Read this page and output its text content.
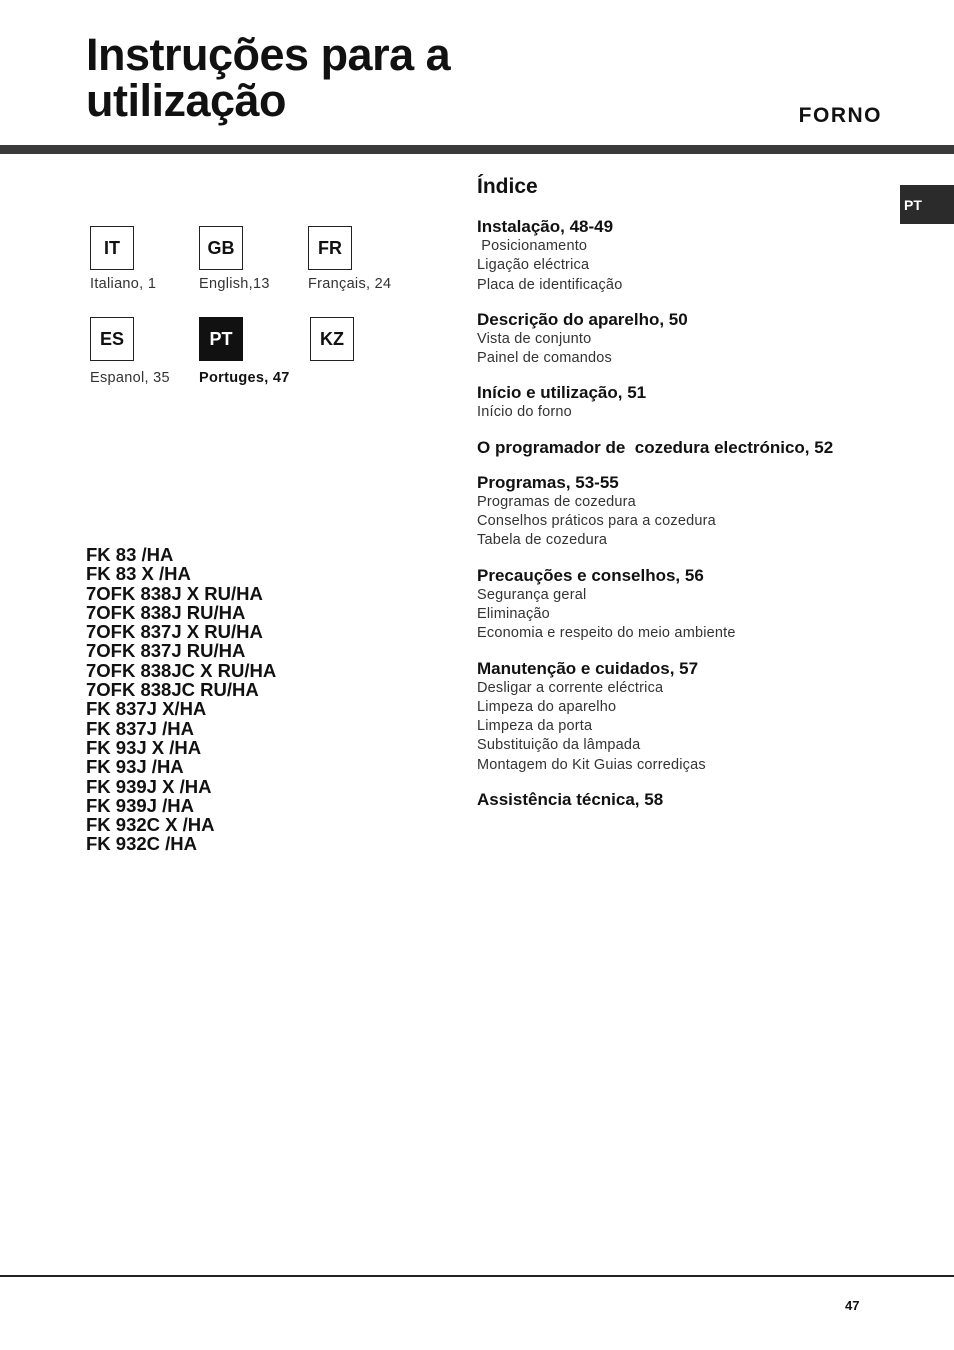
Instruções para a
utilização	FORNO
PT
IT
Italiano, 1
GB
English,13
FR
Français, 24
ES
Espanol, 35
PT
Portuges, 47
KZ
FK 83 /HA
FK 83 X /HA
7OFK 838J X RU/HA
7OFK 838J RU/HA
7OFK 837J X RU/HA
7OFK 837J RU/HA
7OFK 838JC X RU/HA
7OFK 838JC RU/HA
FK 837J X/HA
FK 837J /HA
FK 93J X /HA
FK 93J /HA
FK 939J X /HA
FK 939J /HA
FK 932C X /HA
FK 932C /HA
Índice
Instalação, 48-49
Posicionamento
Ligação eléctrica
Placa de identificação
Descrição do aparelho, 50
Vista de conjunto
Painel de comandos
Início e utilização, 51
Início do forno
O programador de  cozedura electrónico, 52
Programas, 53-55
Programas de cozedura
Conselhos práticos para a cozedura
Tabela de cozedura
Precauções e conselhos, 56
Segurança geral
Eliminação
Economia e respeito do meio ambiente
Manutenção e cuidados, 57
Desligar a corrente eléctrica
Limpeza do aparelho
Limpeza da porta
Substituição da lâmpada
Montagem do Kit Guias corrediças
Assistência técnica, 58
47
